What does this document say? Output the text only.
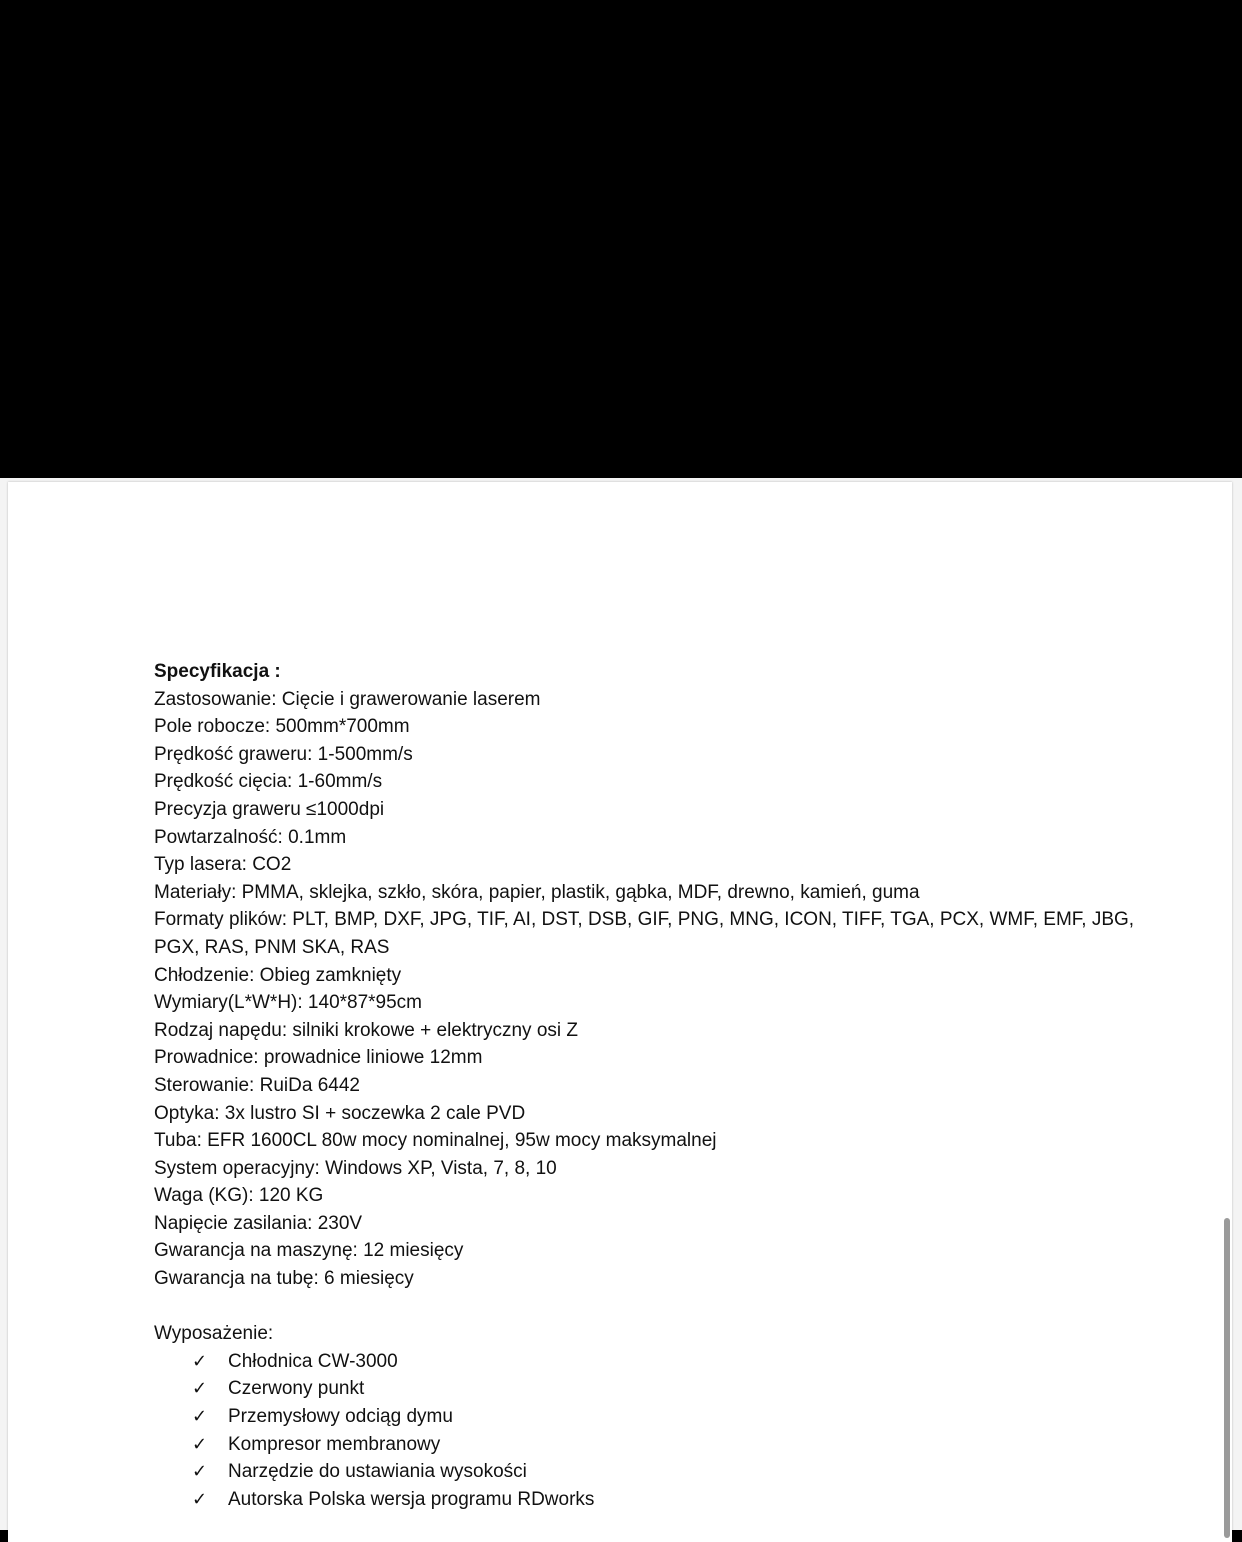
Specyfikacja :

Zastosowanie: Cięcie i grawerowanie laserem
Pole robocze: 500mm*700mm
Prędkość graweru: 1-500mm/s
Prędkość cięcia: 1-60mm/s
Precyzja graweru ≤1000dpi
Powtarzalność: 0.1mm
Typ lasera: CO2
Materiały: PMMA, sklejka, szkło, skóra, papier, plastik, gąbka, MDF, drewno, kamień, guma
Formaty plików: PLT, BMP, DXF, JPG, TIF, AI, DST, DSB, GIF, PNG, MNG, ICON, TIFF, TGA, PCX, WMF, EMF, JBG, PGX, RAS, PNM SKA, RAS
Chłodzenie: Obieg zamknięty
Wymiary(L*W*H): 140*87*95cm
Rodzaj napędu: silniki krokowe + elektryczny osi Z
Prowadnice: prowadnice liniowe 12mm
Sterowanie: RuiDa 6442
Optyka: 3x lustro SI + soczewka 2 cale PVD
Tuba: EFR 1600CL 80w mocy nominalnej, 95w mocy maksymalnej
System operacyjny: Windows XP, Vista, 7, 8, 10
Waga (KG): 120 KG
Napięcie zasilania: 230V
Gwarancja na maszynę: 12 miesięcy
Gwarancja na tubę: 6 miesięcy
Wyposażenie:
✓ Chłodnica CW-3000
✓ Czerwony punkt
✓ Przemysłowy odciąg dymu
✓ Kompresor membranowy
✓ Narzędzie do ustawiania wysokości
✓ Autorska Polska wersja programu RDworks
